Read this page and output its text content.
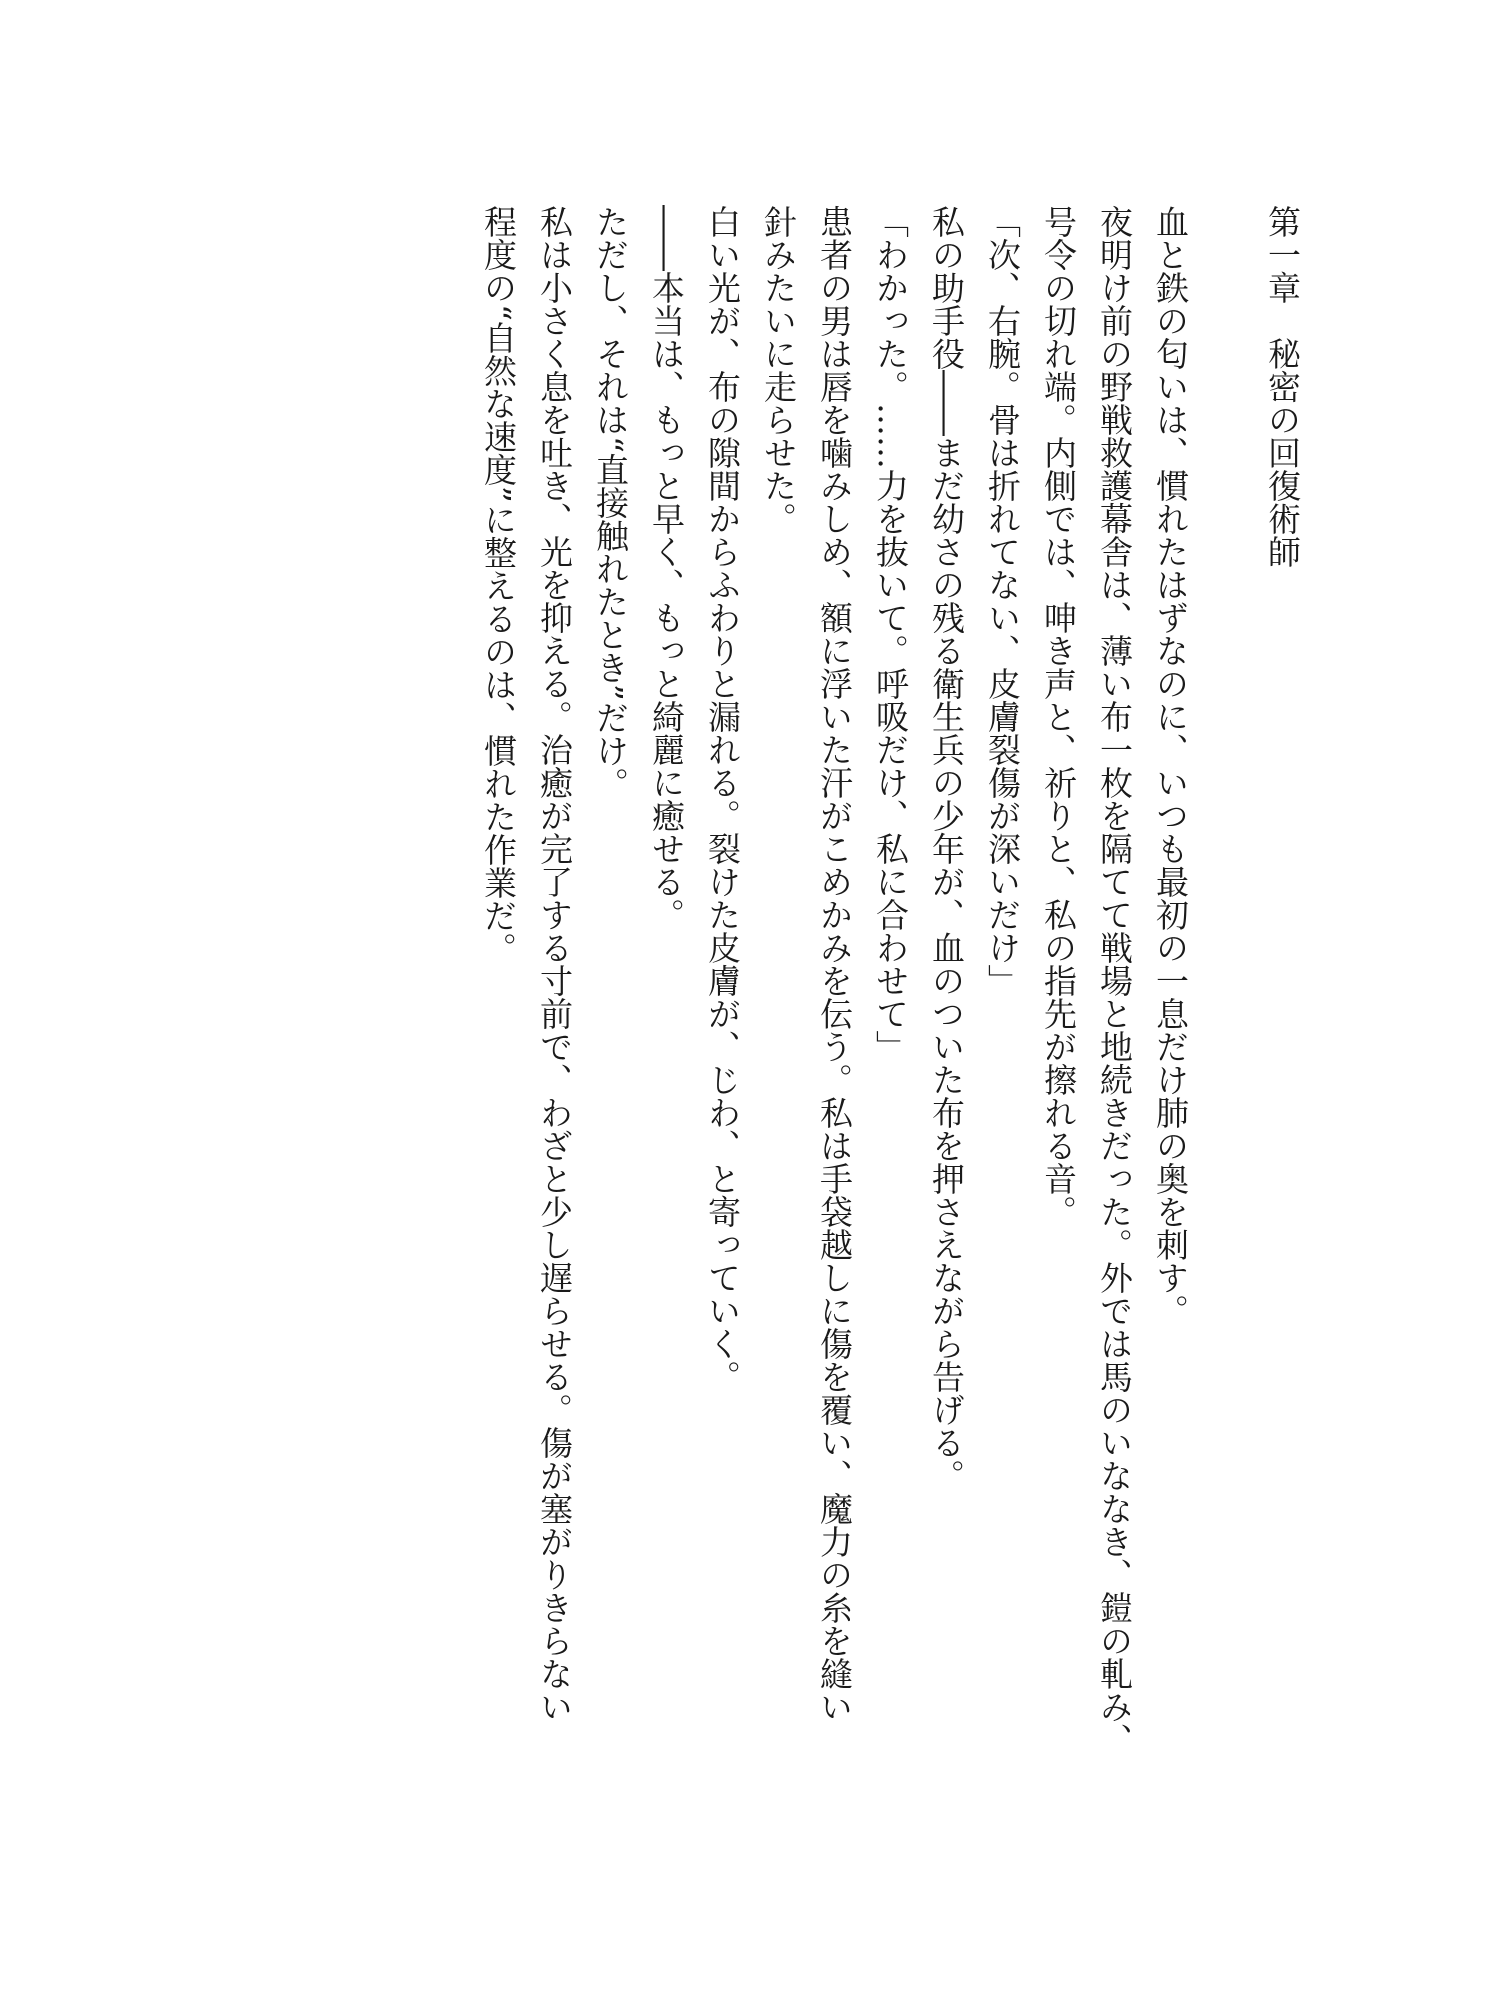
第一章　秘密の回復術師
血と鉄の匂いは、慣れたはずなのに、いつも最初の一息だけ肺の奥を刺す。
夜明け前の野戦救護幕舎は、薄い布一枚を隔てて戦場と地続きだった。外では馬のいななき、鎧の軋み、
号令の切れ端。内側では、呻き声と、祈りと、私の指先が擦れる音。
「次、右腕。骨は折れてない、皮膚裂傷が深いだけ」
私の助手役――まだ幼さの残る衛生兵の少年が、血のついた布を押さえながら告げる。
「わかった。……力を抜いて。呼吸だけ、私に合わせて」
患者の男は唇を噛みしめ、額に浮いた汗がこめかみを伝う。私は手袋越しに傷を覆い、魔力の糸を縫い
針みたいに走らせた。
白い光が、布の隙間からふわりと漏れる。裂けた皮膚が、じわ、と寄っていく。
――本当は、もっと早く、もっと綺麗に癒せる。
ただし、それは“直接触れたとき”だけ。
私は小さく息を吐き、光を抑える。治癒が完了する寸前で、わざと少し遅らせる。傷が塞がりきらない
程度の“自然な速度”に整えるのは、慣れた作業だ。
